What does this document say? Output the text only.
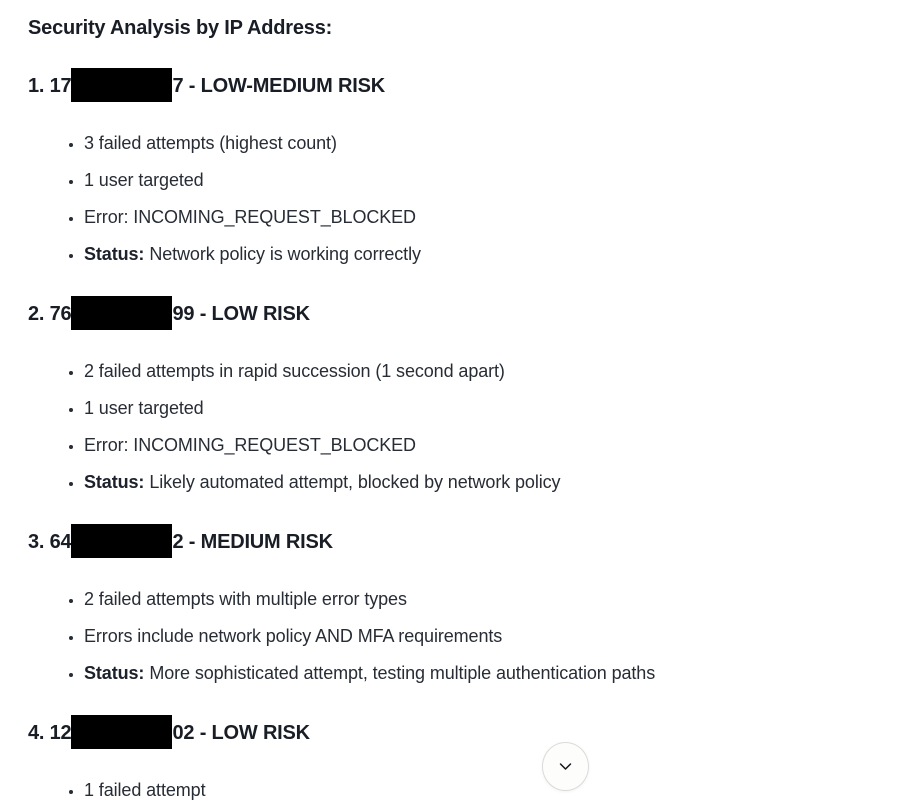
Security Analysis by IP Address:
1. 17	7 - LOW-MEDIUM RISK
• 3 failed attempts (highest count)
• 1 user targeted
• Error: INCOMING_REQUEST_BLOCKED
• Status: Network policy is working correctly
2. 76	99 - LOW RISK
• 2 failed attempts in rapid succession (1 second apart)
• 1 user targeted
• Error: INCOMING_REQUEST_BLOCKED
• Status: Likely automated attempt, blocked by network policy
3. 64	2 - MEDIUM RISK
• 2 failed attempts with multiple error types
• Errors include network policy AND MFA requirements
• Status: More sophisticated attempt, testing multiple authentication paths
4. 12	02 - LOW RISK
• 1 failed attempt
